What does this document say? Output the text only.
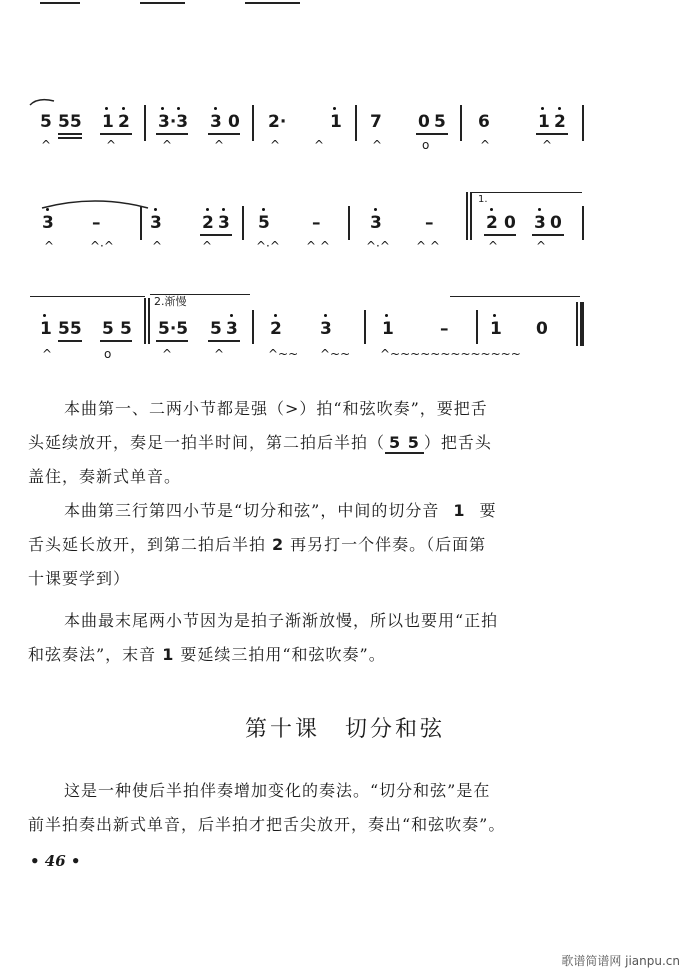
5 55 1 2 3·3 3 0 2·	1 7 0 5 6	1 2
^	^	^	^	^	^	^	o	^	^
3 –	3 2 3 5 –	3	–
1.
2 0 3 0
^	^·^	^	^	^·^ ^ ^	^·^ ^ ^	^	^
1 55 5 5
2.渐慢
5·5 5 3 2 3	1	– 1 0
^	o	^	^	^~~ ^~~ ^~~~~~~~~~~~~~
本曲第一、二两小节都是强（>）拍“和弦吹奏”，要把舌
头延续放开，奏足一拍半时间，第二拍后半拍（ 5 5 ）把舌头
盖住，奏新式单音。
本曲第三行第四小节是“切分和弦”，中间的切分音 1 要
舌头延长放开，到第二拍后半拍 2 再另打一个伴奏。（后面第
十课要学到）
本曲最末尾两小节因为是拍子渐渐放慢，所以也要用“正拍
和弦奏法”，末音 1 要延续三拍用“和弦吹奏”。
第十课　切分和弦
这是一种使后半拍伴奏增加变化的奏法。“切分和弦”是在
前半拍奏出新式单音，后半拍才把舌尖放开，奏出“和弦吹奏”。
• 46 •
歌谱简谱网 jianpu.cn
